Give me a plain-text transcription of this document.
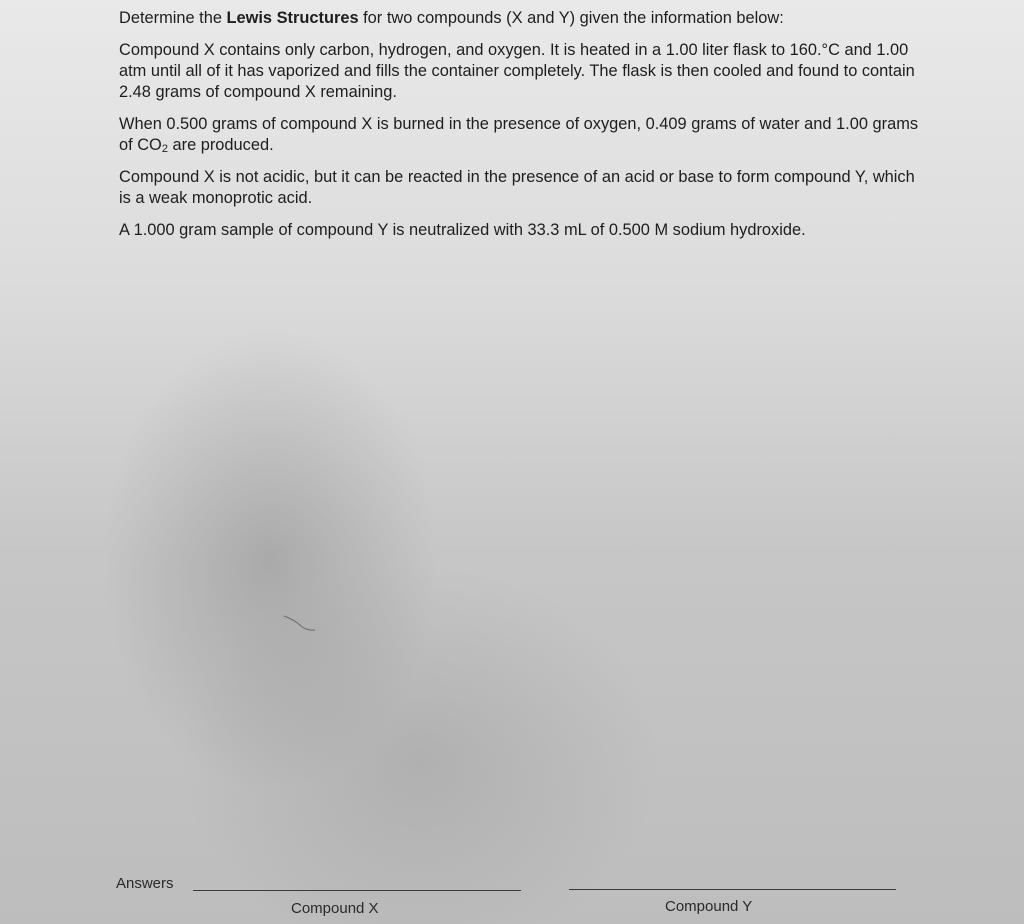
Determine the Lewis Structures for two compounds (X and Y) given the information below:

Compound X contains only carbon, hydrogen, and oxygen. It is heated in a 1.00 liter flask to 160.°C and 1.00 atm until all of it has vaporized and fills the container completely. The flask is then cooled and found to contain 2.48 grams of compound X remaining.

When 0.500 grams of compound X is burned in the presence of oxygen, 0.409 grams of water and 1.00 grams of $CO_2$ are produced.

Compound X is not acidic, but it can be reacted in the presence of an acid or base to form compound Y, which is a weak monoprotic acid.

A 1.000 gram sample of compound Y is neutralized with 33.3 mL of 0.500 M sodium hydroxide.

Answers
Compound X	Compound Y
